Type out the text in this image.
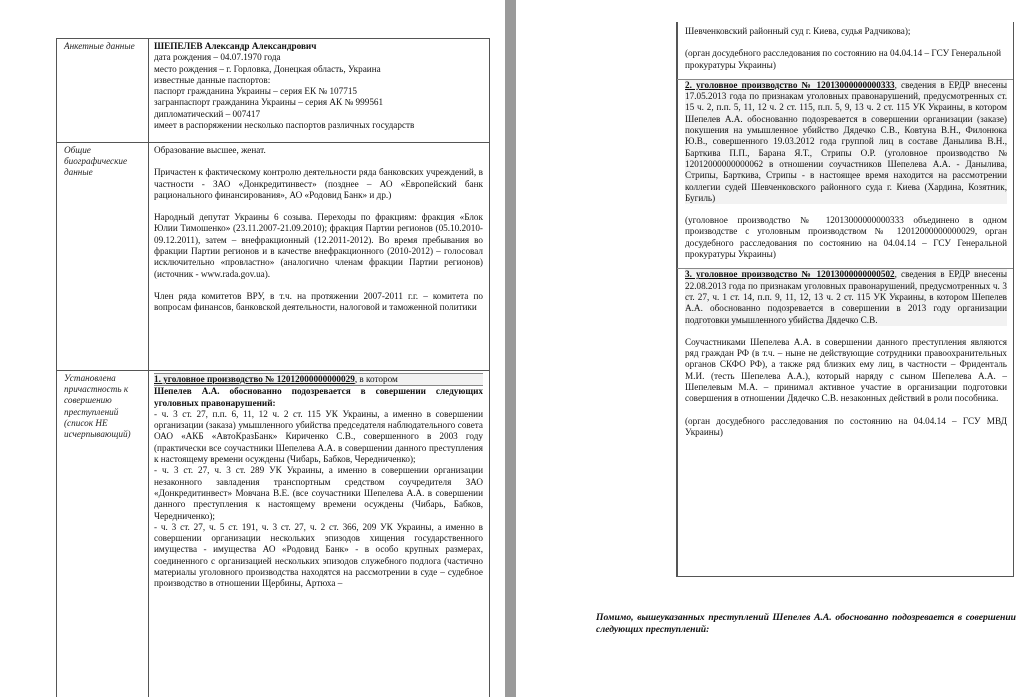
Анкетные данные	ШЕПЕЛЕВ Александр Александрович

дата рождения – 04.07.1970 года

место рождения – г. Горловка, Донецкая область, Украина

известные данные паспортов:

паспорт гражданина Украины – серия ЕК № 107715

загранпаспорт гражданина Украины – серия АК № 999561

дипломатический – 007417

имеет в распоряжении несколько паспортов различных государств

Общие биографические данные

Образование высшее, женат.

Причастен к фактическому контролю деятельности ряда банковских учреждений, в частности - ЗАО «Донкредитинвест» (позднее – АО «Европейский банк рационального финансирования», АО «Родовид Банк» и др.)

Народный депутат Украины 6 созыва. Переходы по фракциям: фракция «Блок Юлии Тимошенко» (23.11.2007-21.09.2010); фракция Партии регионов (05.10.2010-09.12.2011), затем – внефракционный (12.2011-2012). Во время пребывания во фракции Партии регионов и в качестве внефракционного (2010-2012) – голосовал исключительно «провластно» (аналогично членам фракции Партии регионов) (источник - www.rada.gov.ua).

Член ряда комитетов ВРУ, в т.ч. на протяжении 2007-2011 г.г. – комитета по вопросам финансов, банковской деятельности, налоговой и таможенной политики

Установлена причастность к совершению преступлений (список НЕ исчерпывающий)

1. уголовное производство № 12012000000000029, в котором

Шепелев А.А. обоснованно подозревается в совершении следующих уголовных правонарушений:

- ч. 3 ст. 27, п.п. 6, 11, 12 ч. 2 ст. 115 УК Украины, а именно в совершении организации (заказа) умышленного убийства председателя наблюдательного совета ОАО «АКБ «АвтоКразБанк» Кириченко С.В., совершенного в 2003 году (практически все соучастники Шепелева А.А. в совершении данного преступления к настоящему времени осуждены (Чибарь, Бабков, Чередниченко);

- ч. 3 ст. 27, ч. 3 ст. 289 УК Украины, а именно в совершении организации незаконного завладения транспортным средством соучредителя ЗАО «Донкредитинвест» Мовчана В.Е. (все соучастники Шепелева А.А. в совершении данного преступления к настоящему времени осуждены (Чибарь, Бабков, Чередниченко);

- ч. 3 ст. 27, ч. 5 ст. 191, ч. 3 ст. 27, ч. 2 ст. 366, 209 УК Украины, а именно в совершении организации нескольких эпизодов хищения государственного имущества - имущества АО «Родовид Банк» - в особо крупных размерах, соединенного с организацией нескольких эпизодов служебного подлога (частично материалы уголовного производства находятся на рассмотрении в суде – судебное производство в отношении Щербины, Артюха –

Шевченковский районный суд г. Киева, судья Радчикова);

(орган досудебного расследования по состоянию на 04.04.14 – ГСУ Генеральной прокуратуры Украины)

2. уголовное производство № 12013000000000333, сведения в ЕРДР внесены 17.05.2013 года по признакам уголовных правонарушений, предусмотренных ст. 15 ч. 2, п.п. 5, 11, 12 ч. 2 ст. 115, п.п. 5, 9, 13 ч. 2 ст. 115 УК Украины, в котором Шепелев А.А. обоснованно подозревается в совершении организации (заказе) покушения на умышленное убийство Дядечко С.В., Ковтуна В.Н., Филонюка Ю.В., совершенного 19.03.2012 года группой лиц в составе Данылива В.Н., Барткива П.П., Барана Я.Т., Стрипы О.Р. (уголовное производство № 12012000000000062 в отношении соучастников Шепелева А.А. - Данылива, Стрипы, Барткива, Стрипы - в настоящее время находится на рассмотрении коллегии судей Шевченковского районного суда г. Киева (Хардина, Козятник, Бугиль)

(уголовное производство № 12013000000000333 объединено в одном производстве с уголовным производством № 12012000000000029, орган досудебного расследования по состоянию на 04.04.14 – ГСУ Генеральной прокуратуры Украины)

3. уголовное производство № 12013000000000502, сведения в ЕРДР внесены 22.08.2013 года по признакам уголовных правонарушений, предусмотренных ч. 3 ст. 27, ч. 1 ст. 14, п.п. 9, 11, 12, 13 ч. 2 ст. 115 УК Украины, в котором Шепелев А.А. обоснованно подозревается в совершении в 2013 году организации подготовки умышленного убийства Дядечко С.В.

Соучастниками Шепелева А.А. в совершении данного преступления являются ряд граждан РФ (в т.ч. – ныне не действующие сотрудники правоохранительных органов СКФО РФ), а также ряд близких ему лиц, в частности – Фриденталь М.И. (тесть Шепелева А.А.), который наряду с сыном Шепелева А.А. – Шепелевым М.А. – принимал активное участие в организации подготовки совершения в отношении Дядечко С.В. незаконных действий в роли пособника.

(орган досудебного расследования по состоянию на 04.04.14 – ГСУ МВД Украины)

Помимо, вышеуказанных преступлений Шепелев А.А. обоснованно подозревается в совершении следующих преступлений:
